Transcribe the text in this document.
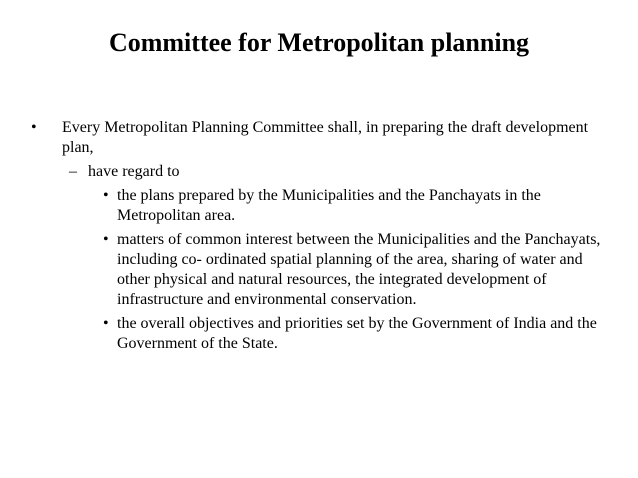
Committee for Metropolitan planning
• Every Metropolitan Planning Committee shall, in preparing the draft development plan,
– have regard to
• the plans prepared by the Municipalities and the Panchayats in the Metropolitan area.
• matters of common interest between the Municipalities and the Panchayats, including co- ordinated spatial planning of the area, sharing of water and other physical and natural resources, the integrated development of infrastructure and environmental conservation.
• the overall objectives and priorities set by the Government of India and the Government of the State.
